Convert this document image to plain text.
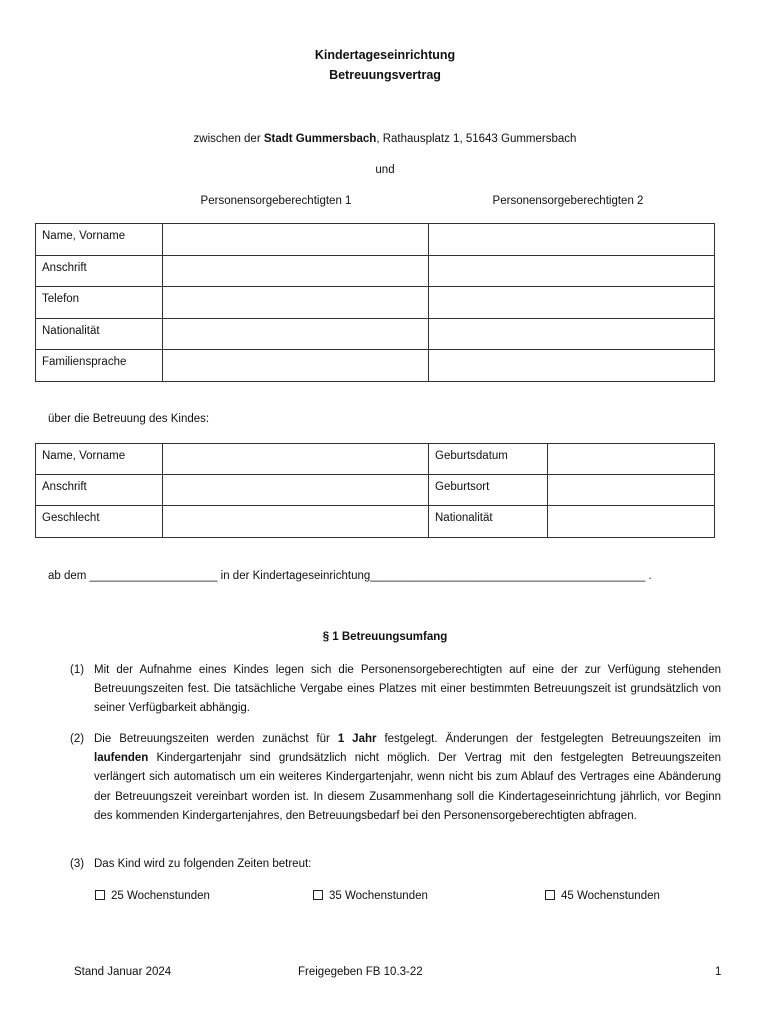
Kindertageseinrichtung
Betreuungsvertrag
zwischen der Stadt Gummersbach, Rathausplatz 1, 51643 Gummersbach
und
Personensorgeberechtigten 1	Personensorgeberechtigten 2
Name, Vorname		
Anschrift		
Telefon		
Nationalität		
Familiensprache		
über die Betreuung des Kindes:
Name, Vorname		Geburtsdatum	
Anschrift		Geburtsort	
Geschlecht		Nationalität	
ab dem ____________________ in der Kindertageseinrichtung___________________________________________ .
§ 1 Betreuungsumfang
(1) Mit der Aufnahme eines Kindes legen sich die Personensorgeberechtigten auf eine der zur Verfügung stehenden Betreuungszeiten fest. Die tatsächliche Vergabe eines Platzes mit einer bestimmten Betreuungszeit ist grundsätzlich von seiner Verfügbarkeit abhängig.
(2) Die Betreuungszeiten werden zunächst für 1 Jahr festgelegt. Änderungen der festgelegten Betreuungszeiten im laufenden Kindergartenjahr sind grundsätzlich nicht möglich. Der Vertrag mit den festgelegten Betreuungszeiten verlängert sich automatisch um ein weiteres Kindergartenjahr, wenn nicht bis zum Ablauf des Vertrages eine Abänderung der Betreuungszeit vereinbart worden ist. In diesem Zusammenhang soll die Kindertageseinrichtung jährlich, vor Beginn des kommenden Kindergartenjahres, den Betreuungsbedarf bei den Personensorgeberechtigten abfragen.
(3) Das Kind wird zu folgenden Zeiten betreut:
25 Wochenstunden	35 Wochenstunden	45 Wochenstunden
Stand Januar 2024	Freigegeben FB 10.3-22	1
